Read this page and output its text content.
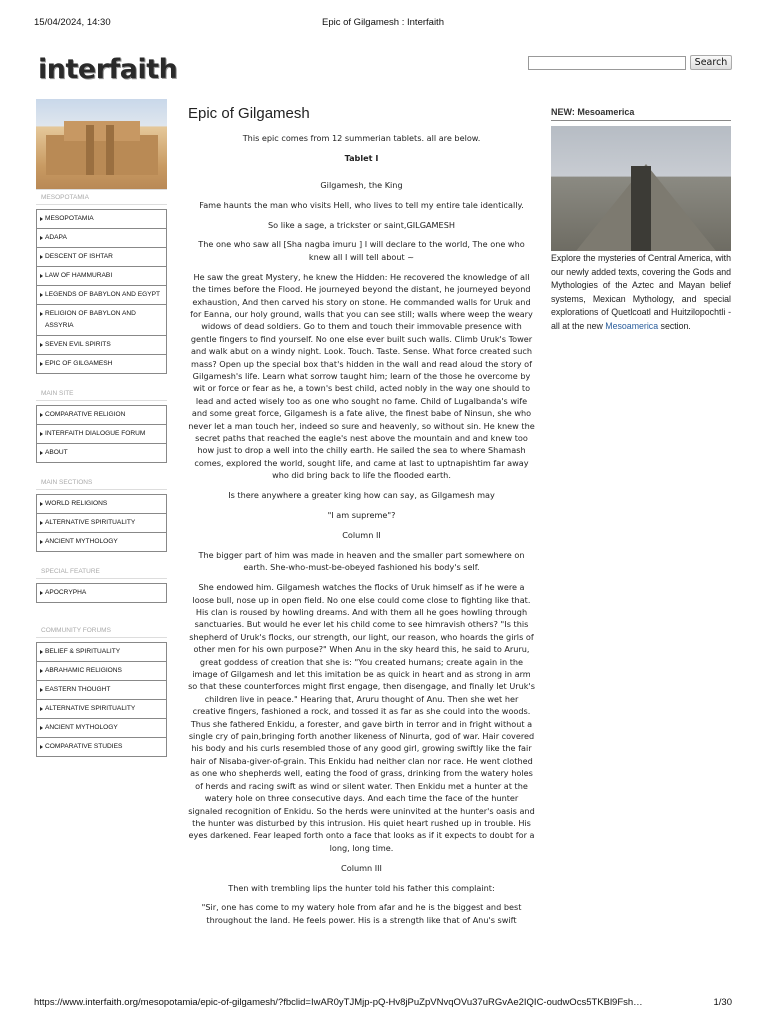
15/04/2024, 14:30	Epic of Gilgamesh : Interfaith
interfaith	Search
MESOPOTAMIA
MESOPOTAMIA
ADAPA
DESCENT OF ISHTAR
LAW OF HAMMURABI
LEGENDS OF BABYLON AND EGYPT
RELIGION OF BABYLON AND ASSYRIA
SEVEN EVIL SPIRITS
EPIC OF GILGAMESH
MAIN SITE
COMPARATIVE RELIGION
INTERFAITH DIALOGUE FORUM
ABOUT
MAIN SECTIONS
WORLD RELIGIONS
ALTERNATIVE SPIRITUALITY
ANCIENT MYTHOLOGY
SPECIAL FEATURE
APOCRYPHA
COMMUNITY FORUMS
BELIEF & SPIRITUALITY
ABRAHAMIC RELIGIONS
EASTERN THOUGHT
ALTERNATIVE SPIRITUALITY
ANCIENT MYTHOLOGY
COMPARATIVE STUDIES
Epic of Gilgamesh

This epic comes from 12 summerian tablets. all are below.

Tablet I

Gilgamesh, the King

Fame haunts the man who visits Hell, who lives to tell my entire tale identically.

So like a sage, a trickster or saint,GILGAMESH

The one who saw all [Sha nagba imuru ] I will declare to the world, The one who knew all I will tell about ~

He saw the great Mystery, he knew the Hidden: He recovered the knowledge of all the times before the Flood. He journeyed beyond the distant, he journeyed beyond exhaustion, And then carved his story on stone. He commanded walls for Uruk and for Eanna, our holy ground, walls that you can see still; walls where weep the weary widows of dead soldiers. Go to them and touch their immovable presence with gentle fingers to find yourself. No one else ever built such walls. Climb Uruk's Tower and walk abut on a windy night. Look. Touch. Taste. Sense. What force created such mass? Open up the special box that's hidden in the wall and read aloud the story of Gilgamesh's life. Learn what sorrow taught him; learn of the those he overcome by wit or force or fear as he, a town's best child, acted nobly in the way one should to lead and acted wisely too as one who sought no fame. Child of Lugalbanda's wife and some great force, Gilgamesh is a fate alive, the finest babe of Ninsun, she who never let a man touch her, indeed so sure and heavenly, so without sin. He knew the secret paths that reached the eagle's nest above the mountain and and knew too how just to drop a well into the chilly earth. He sailed the sea to where Shamash comes, explored the world, sought life, and came at last to uptnapishtim far away who did bring back to life the flooded earth.

Is there anywhere a greater king how can say, as Gilgamesh may

"I am supreme"?

Column II

The bigger part of him was made in heaven and the smaller part somewhere on earth. She-who-must-be-obeyed fashioned his body's self.

She endowed him. Gilgamesh watches the flocks of Uruk himself as if he were a loose bull, nose up in open field. No one else could come close to fighting like that. His clan is roused by howling dreams. And with them all he goes howling through sanctuaries. But would he ever let his child come to see himravish others? "Is this shepherd of Uruk's flocks, our strength, our light, our reason, who hoards the girls of other men for his own purpose?" When Anu in the sky heard this, he said to Aruru, great goddess of creation that she is: "You created humans; create again in the image of Gilgamesh and let this imitation be as quick in heart and as strong in arm so that these counterforces might first engage, then disengage, and finally let Uruk's children live in peace." Hearing that, Aruru thought of Anu. Then she wet her creative fingers, fashioned a rock, and tossed it as far as she could into the woods. Thus she fathered Enkidu, a forester, and gave birth in terror and in fright without a single cry of pain,bringing forth another likeness of Ninurta, god of war. Hair covered his body and his curls resembled those of any good girl, growing swiftly like the fair hair of Nisaba-giver-of-grain. This Enkidu had neither clan nor race. He went clothed as one who shepherds well, eating the food of grass, drinking from the watery holes of herds and racing swift as wind or silent water. Then Enkidu met a hunter at the watery hole on three consecutive days. And each time the face of the hunter signaled recognition of Enkidu. So the herds were uninvited at the hunter's oasis and the hunter was disturbed by this intrusion. His quiet heart rushed up in trouble. His eyes darkened. Fear leaped forth onto a face that looks as if it expects to doubt for a long, long time.

Column III

Then with trembling lips the hunter told his father this complaint:

"Sir, one has come to my watery hole from afar and he is the biggest and best throughout the land. He feels power. His is a strength like that of Anu's swift

NEW: Mesoamerica
Explore the mysteries of Central America, with our newly added texts, covering the Gods and Mythologies of the Aztec and Mayan belief systems, Mexican Mythology, and special explorations of Quetlcoatl and Huitzilopochtli - all at the new Mesoamerica section.
https://www.interfaith.org/mesopotamia/epic-of-gilgamesh/?fbclid=IwAR0yTJMjp-pQ-Hv8jPuZpVNvqOVu37uRGvAe2IQIC-oudwOcs5TKBl9Fsh…	1/30
